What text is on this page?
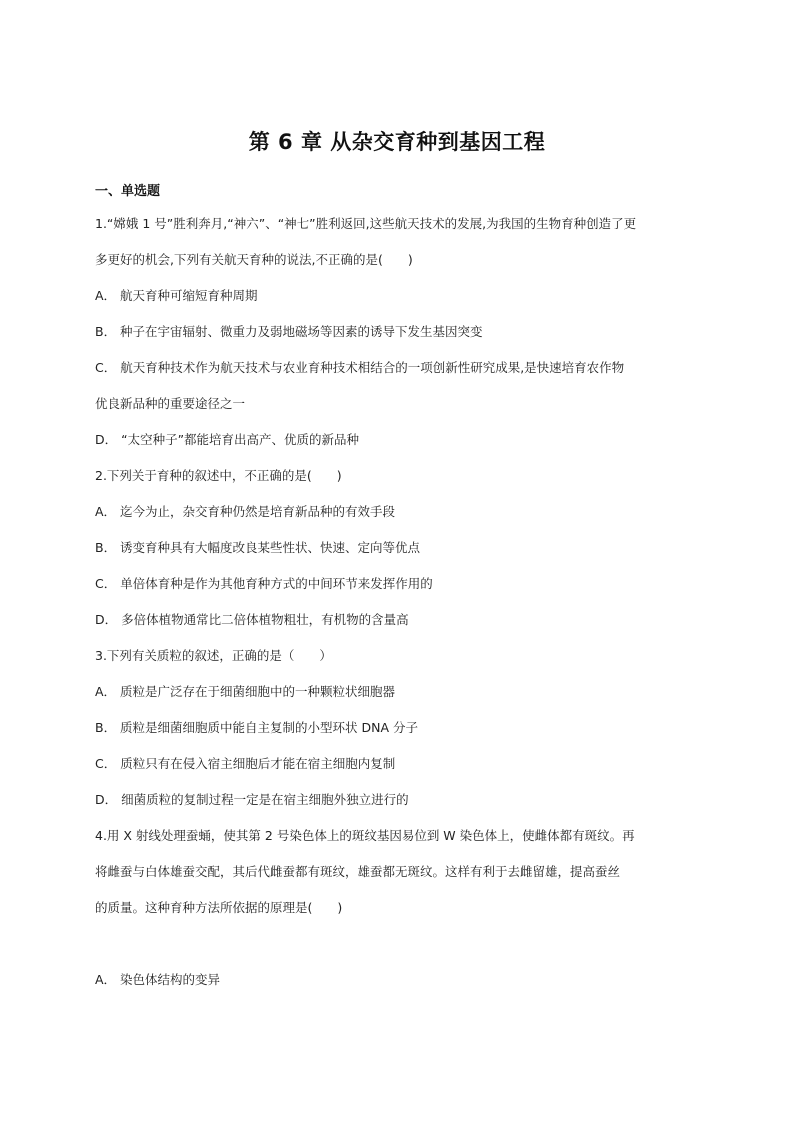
第 6 章 从杂交育种到基因工程
一、单选题
1.“嫦娥 1 号”胜利奔月,“神六”、“神七”胜利返回,这些航天技术的发展,为我国的生物育种创造了更
多更好的机会,下列有关航天育种的说法,不正确的是(　　)
A． 航天育种可缩短育种周期
B． 种子在宇宙辐射、微重力及弱地磁场等因素的诱导下发生基因突变
C． 航天育种技术作为航天技术与农业育种技术相结合的一项创新性研究成果,是快速培育农作物
优良新品种的重要途径之一
D． “太空种子”都能培育出高产、优质的新品种
2.下列关于育种的叙述中，不正确的是(　　)
A． 迄今为止，杂交育种仍然是培育新品种的有效手段
B． 诱变育种具有大幅度改良某些性状、快速、定向等优点
C． 单倍体育种是作为其他育种方式的中间环节来发挥作用的
D． 多倍体植物通常比二倍体植物粗壮，有机物的含量高
3.下列有关质粒的叙述，正确的是（　　）
A． 质粒是广泛存在于细菌细胞中的一种颗粒状细胞器
B． 质粒是细菌细胞质中能自主复制的小型环状 DNA 分子
C． 质粒只有在侵入宿主细胞后才能在宿主细胞内复制
D． 细菌质粒的复制过程一定是在宿主细胞外独立进行的
4.用 X 射线处理蚕蛹，使其第 2 号染色体上的斑纹基因易位到 W 染色体上，使雌体都有斑纹。再
将雌蚕与白体雄蚕交配，其后代雌蚕都有斑纹，雄蚕都无斑纹。这样有利于去雌留雄，提高蚕丝
的质量。这种育种方法所依据的原理是(　　)
A． 染色体结构的变异
